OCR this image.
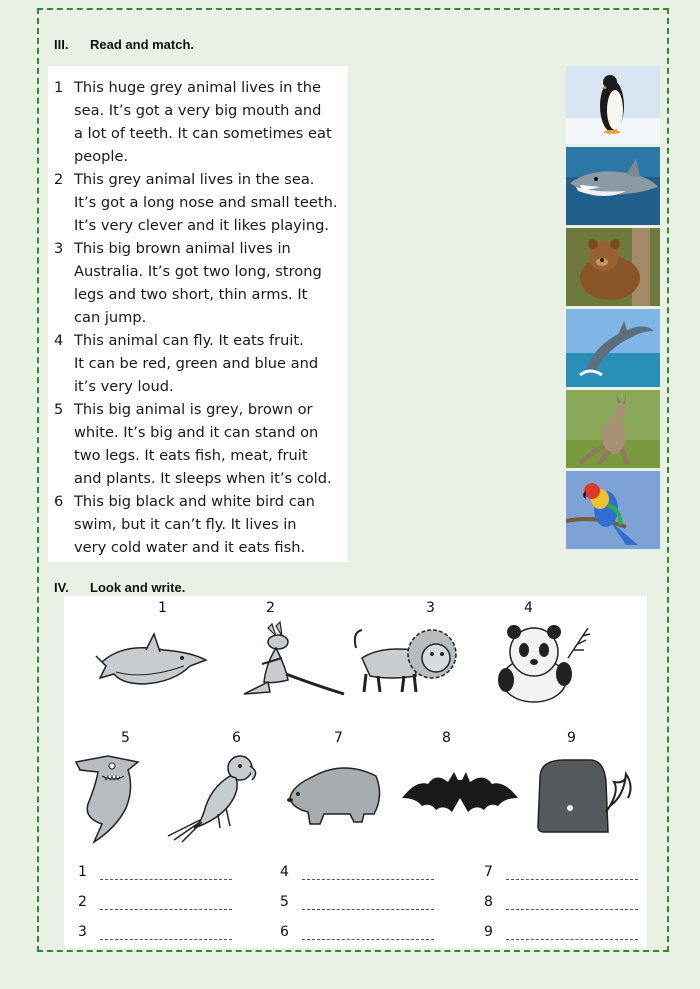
III. Read and match.
1 This huge grey animal lives in the
sea. It’s got a very big mouth and
a lot of teeth. It can sometimes eat
people.
2 This grey animal lives in the sea.
It’s got a long nose and small teeth.
It’s very clever and it likes playing.
3 This big brown animal lives in
Australia. It’s got two long, strong
legs and two short, thin arms. It
can jump.
4 This animal can fly. It eats fruit.
It can be red, green and blue and
it’s very loud.
5 This big animal is grey, brown or
white. It’s big and it can stand on
two legs. It eats fish, meat, fruit
and plants. It sleeps when it’s cold.
6 This big black and white bird can
swim, but it can’t fly. It lives in
very cold water and it eats fish.
IV. Look and write.
1	2	3	4
5	6	7	8	9
1
2
3
4
5
6
7
8
9
